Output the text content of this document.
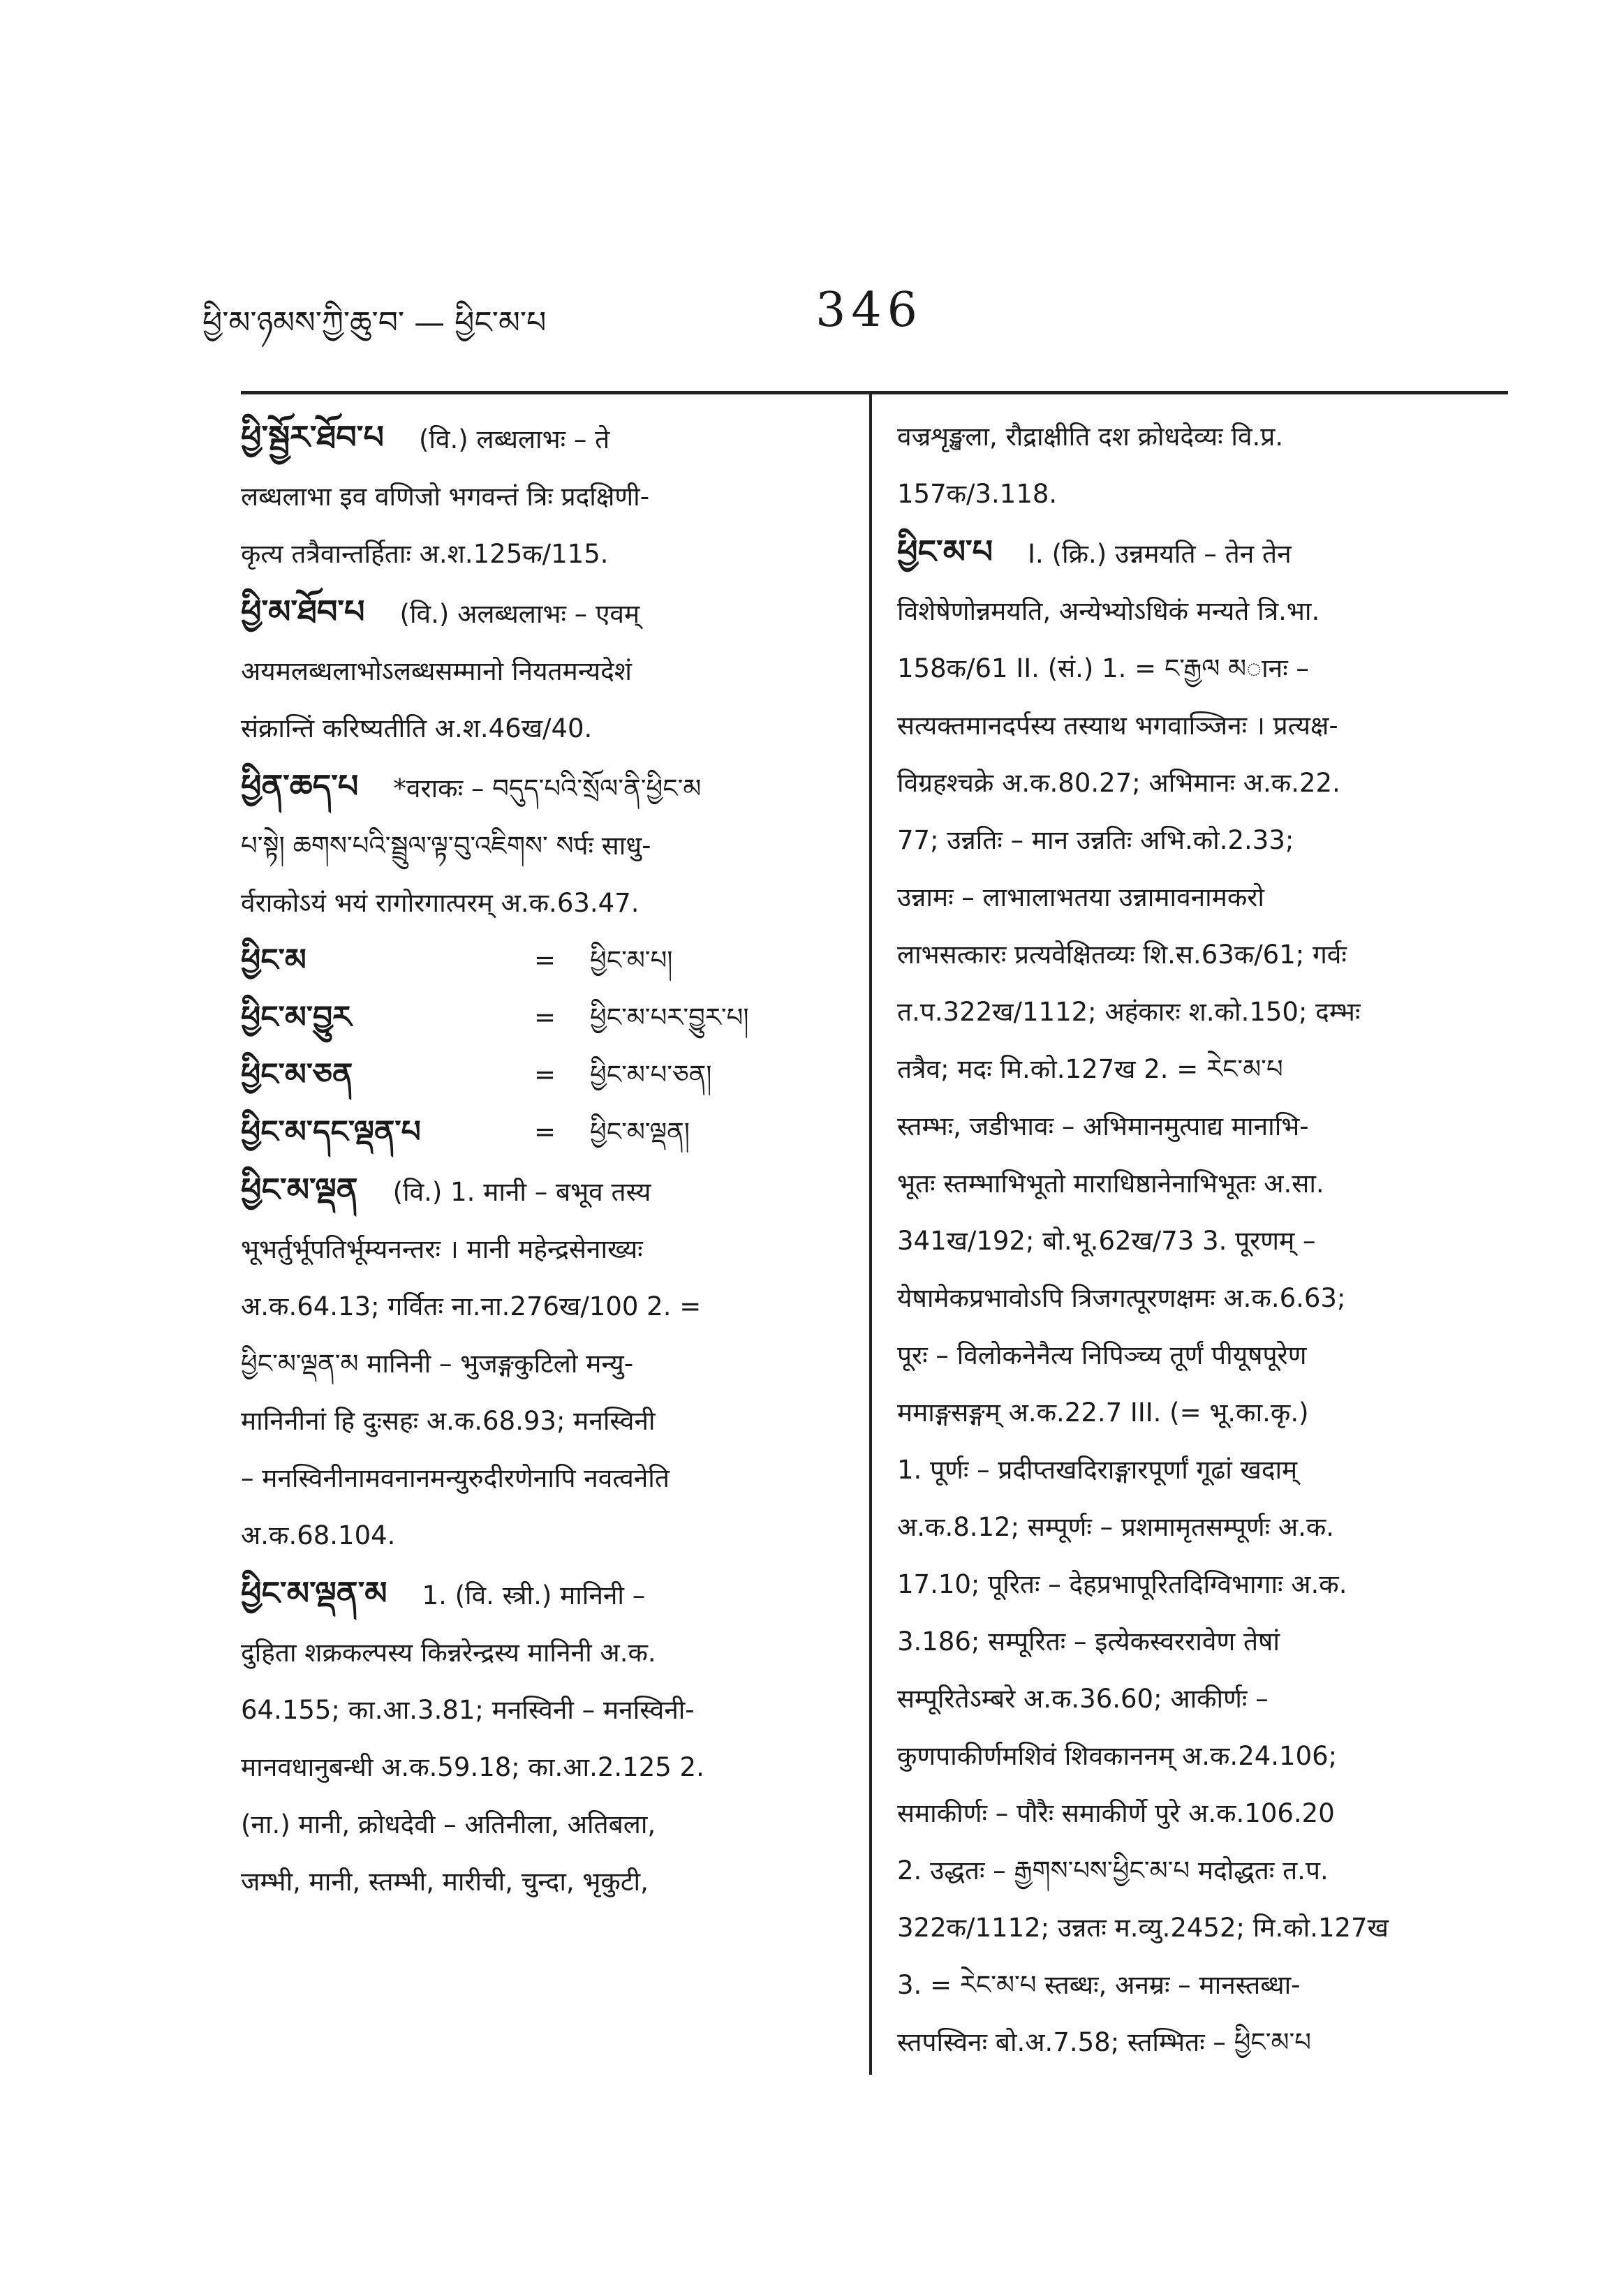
ཕྱི་མ་ཉམས་ཀྱི་ཆུ་བ་ — ཕྱིང་མ་པ	346
ཕྱི་སྦྱོར་ཐོབ་པ (वि.) लब्धलाभः – ते
लब्धलाभा इव वणिजो भगवन्तं त्रिः प्रदक्षिणी-
कृत्य तत्रैवान्तर्हिताः अ.श.125क/115.
ཕྱི་མ་ཐོབ་པ (वि.) अलब्धलाभः – एवम्
अयमलब्धलाभोऽलब्धसम्मानो नियतमन्यदेशं
संक्रान्तिं करिष्यतीति अ.श.46ख/40.
ཕྱིན་ཆད་པ *वराकः – བདུད་པའི་སྲོལ་ནི་ཕྱིང་མ
པ་སྟེ། ཆགས་པའི་སྦྲུལ་ལྟ་བུ་འཇིགས་ སर्पः साधु-
र्वराकोऽयं भयं रागोरगात्परम् अ.क.63.47.
ཕྱིང་མ	=	ཕྱིང་མ་པ།
ཕྱིང་མ་བྱུར	=	ཕྱིང་མ་པར་བྱུར་པ།
ཕྱིང་མ་ཅན	=	ཕྱིང་མ་པ་ཅན།
ཕྱིང་མ་དང་ལྡན་པ	=	ཕྱིང་མ་ལྡན།
ཕྱིང་མ་ལྡན (वि.) 1. मानी – बभूव तस्य
भूभर्तुर्भूपतिर्भूम्यनन्तरः । मानी महेन्द्रसेनाख्यः
अ.क.64.13; गर्वितः ना.ना.276ख/100 2. =
ཕྱིང་མ་ལྡན་མ मानिनी – भुजङ्गकुटिलो मन्यु-
मानिनीनां हि दुःसहः अ.क.68.93; मनस्विनी
– मनस्विनीनामवनानमन्युरुदीरणेनापि नवत्वनेति
अ.क.68.104.
ཕྱིང་མ་ལྡན་མ 1. (वि. स्त्री.) मानिनी –
दुहिता शक्रकल्पस्य किन्नरेन्द्रस्य मानिनी अ.क.
64.155; का.आ.3.81; मनस्विनी – मनस्विनी-
मानवधानुबन्धी अ.क.59.18; का.आ.2.125 2.
(ना.) मानी, क्रोधदेवी – अतिनीला, अतिबला,
जम्भी, मानी, स्तम्भी, मारीची, चुन्दा, भृकुटी,
वज्रशृङ्खला, रौद्राक्षीति दश क्रोधदेव्यः वि.प्र.
157क/3.118.
ཕྱིང་མ་པ I. (क्रि.) उन्नमयति – तेन तेन
विशेषेणोन्नमयति, अन्येभ्योऽधिकं मन्यते त्रि.भा.
158क/61 II. (सं.) 1. = ང་རྒྱལ མानः –
सत्यक्तमानदर्पस्य तस्याथ भगवाञ्जिनः । प्रत्यक्ष-
विग्रहश्चक्रे अ.क.80.27; अभिमानः अ.क.22.
77; उन्नतिः – मान उन्नतिः अभि.को.2.33;
उन्नामः – लाभालाभतया उन्नामावनामकरो
लाभसत्कारः प्रत्यवेक्षितव्यः शि.स.63क/61; गर्वः
त.प.322ख/1112; अहंकारः श.को.150; दम्भः
तत्रैव; मदः मि.को.127ख 2. = རེང་མ་པ
स्तम्भः, जडीभावः – अभिमानमुत्पाद्य मानाभि-
भूतः स्तम्भाभिभूतो माराधिष्ठानेनाभिभूतः अ.सा.
341ख/192; बो.भू.62ख/73 3. पूरणम् –
येषामेकप्रभावोऽपि त्रिजगत्पूरणक्षमः अ.क.6.63;
पूरः – विलोकनेनैत्य निपिञ्च्य तूर्णं पीयूषपूरेण
ममाङ्गसङ्गम् अ.क.22.7 III. (= भू.का.कृ.)
1. पूर्णः – प्रदीप्तखदिराङ्गारपूर्णां गूढां खदाम्
अ.क.8.12; सम्पूर्णः – प्रशमामृतसम्पूर्णः अ.क.
17.10; पूरितः – देहप्रभापूरितदिग्विभागाः अ.क.
3.186; सम्पूरितः – इत्येकस्वररावेण तेषां
सम्पूरितेऽम्बरे अ.क.36.60; आकीर्णः –
कुणपाकीर्णमशिवं शिवकाननम् अ.क.24.106;
समाकीर्णः – पौरैः समाकीर्णे पुरे अ.क.106.20
2. उद्धतः – རྒྱགས་པས་ཕྱིང་མ་པ मदोद्धतः त.प.
322क/1112; उन्नतः म.व्यु.2452; मि.को.127ख
3. = རེང་མ་པ स्तब्धः, अनम्रः – मानस्तब्धा-
स्तपस्विनः बो.अ.7.58; स्तम्भितः – ཕྱིང་མ་པ
